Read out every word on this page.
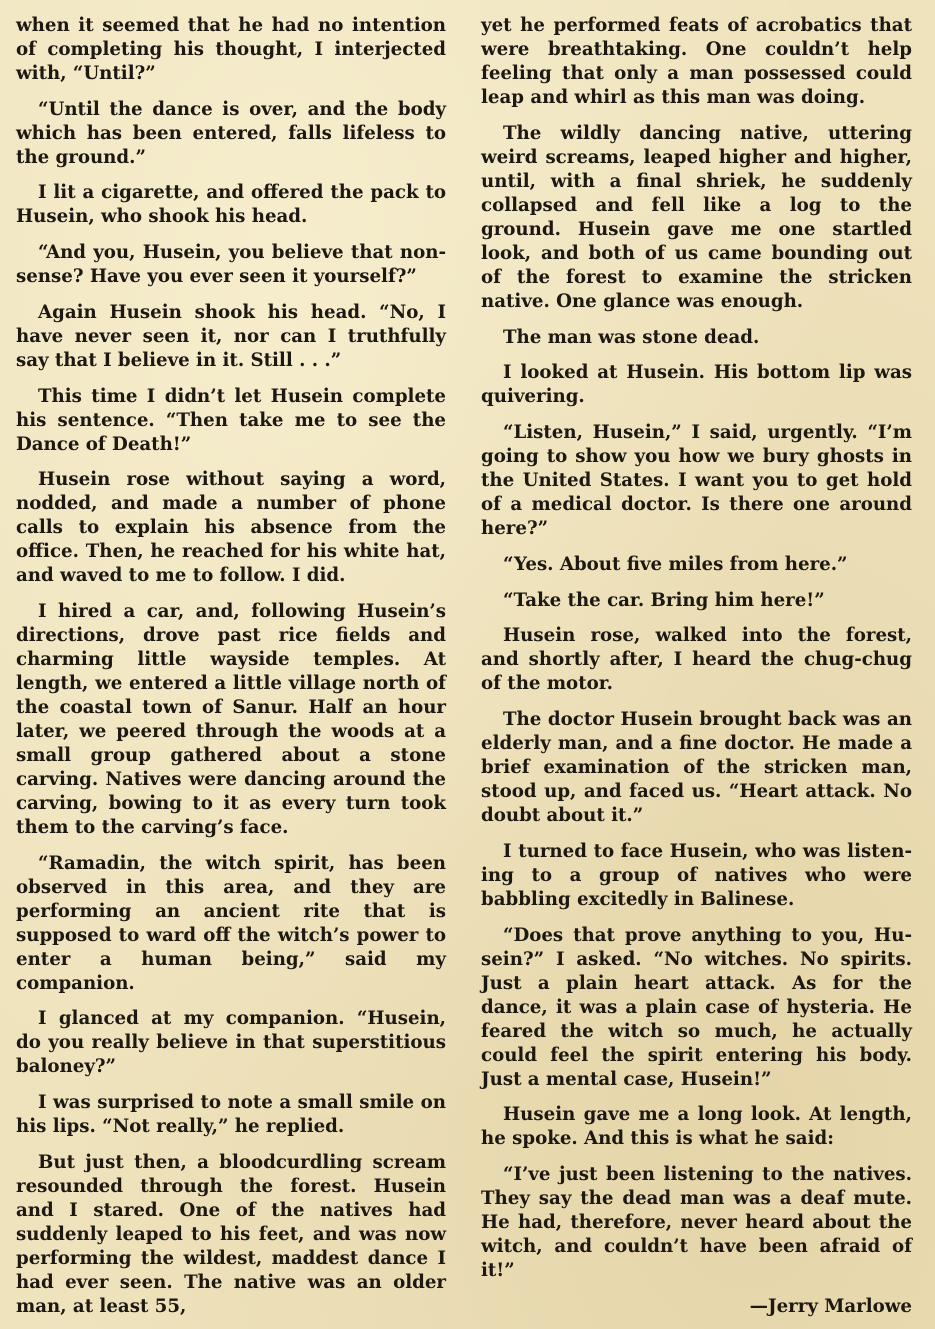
when it seemed that he had no intention of completing his thought, I interjected with, “Until?”

“Until the dance is over, and the body which has been entered, falls lifeless to the ground.”

I lit a cigarette, and offered the pack to Husein, who shook his head.

“And you, Husein, you believe that nonsense? Have you ever seen it yourself?”

Again Husein shook his head. “No, I have never seen it, nor can I truthfully say that I believe in it. Still . . .”

This time I didn’t let Husein complete his sentence. “Then take me to see the Dance of Death!”

Husein rose without saying a word, nodded, and made a number of phone calls to explain his absence from the office. Then, he reached for his white hat, and waved to me to follow. I did.

I hired a car, and, following Husein’s directions, drove past rice fields and charming little wayside temples. At length, we entered a little village north of the coastal town of Sanur. Half an hour later, we peered through the woods at a small group gathered about a stone carving. Natives were dancing around the carving, bowing to it as every turn took them to the carving’s face.

“Ramadin, the witch spirit, has been observed in this area, and they are performing an ancient rite that is supposed to ward off the witch’s power to enter a human being,” said my companion.

I glanced at my companion. “Husein, do you really believe in that superstitious baloney?”

I was surprised to note a small smile on his lips. “Not really,” he replied.

But just then, a bloodcurdling scream resounded through the forest. Husein and I stared. One of the natives had suddenly leaped to his feet, and was now performing the wildest, maddest dance I had ever seen. The native was an older man, at least 55,

yet he performed feats of acrobatics that were breathtaking. One couldn’t help feeling that only a man possessed could leap and whirl as this man was doing.

The wildly dancing native, uttering weird screams, leaped higher and higher, until, with a final shriek, he suddenly collapsed and fell like a log to the ground. Husein gave me one startled look, and both of us came bounding out of the forest to examine the stricken native. One glance was enough.

The man was stone dead.

I looked at Husein. His bottom lip was quivering.

“Listen, Husein,” I said, urgently. “I’m going to show you how we bury ghosts in the United States. I want you to get hold of a medical doctor. Is there one around here?”

“Yes. About five miles from here.”

“Take the car. Bring him here!”

Husein rose, walked into the forest, and shortly after, I heard the chug-chug of the motor.

The doctor Husein brought back was an elderly man, and a fine doctor. He made a brief examination of the stricken man, stood up, and faced us. “Heart attack. No doubt about it.”

I turned to face Husein, who was listening to a group of natives who were babbling excitedly in Balinese.

“Does that prove anything to you, Husein?” I asked. “No witches. No spirits. Just a plain heart attack. As for the dance, it was a plain case of hysteria. He feared the witch so much, he actually could feel the spirit entering his body. Just a mental case, Husein!”

Husein gave me a long look. At length, he spoke. And this is what he said:

“I’ve just been listening to the natives. They say the dead man was a deaf mute. He had, therefore, never heard about the witch, and couldn’t have been afraid of it!”

—Jerry Marlowe
